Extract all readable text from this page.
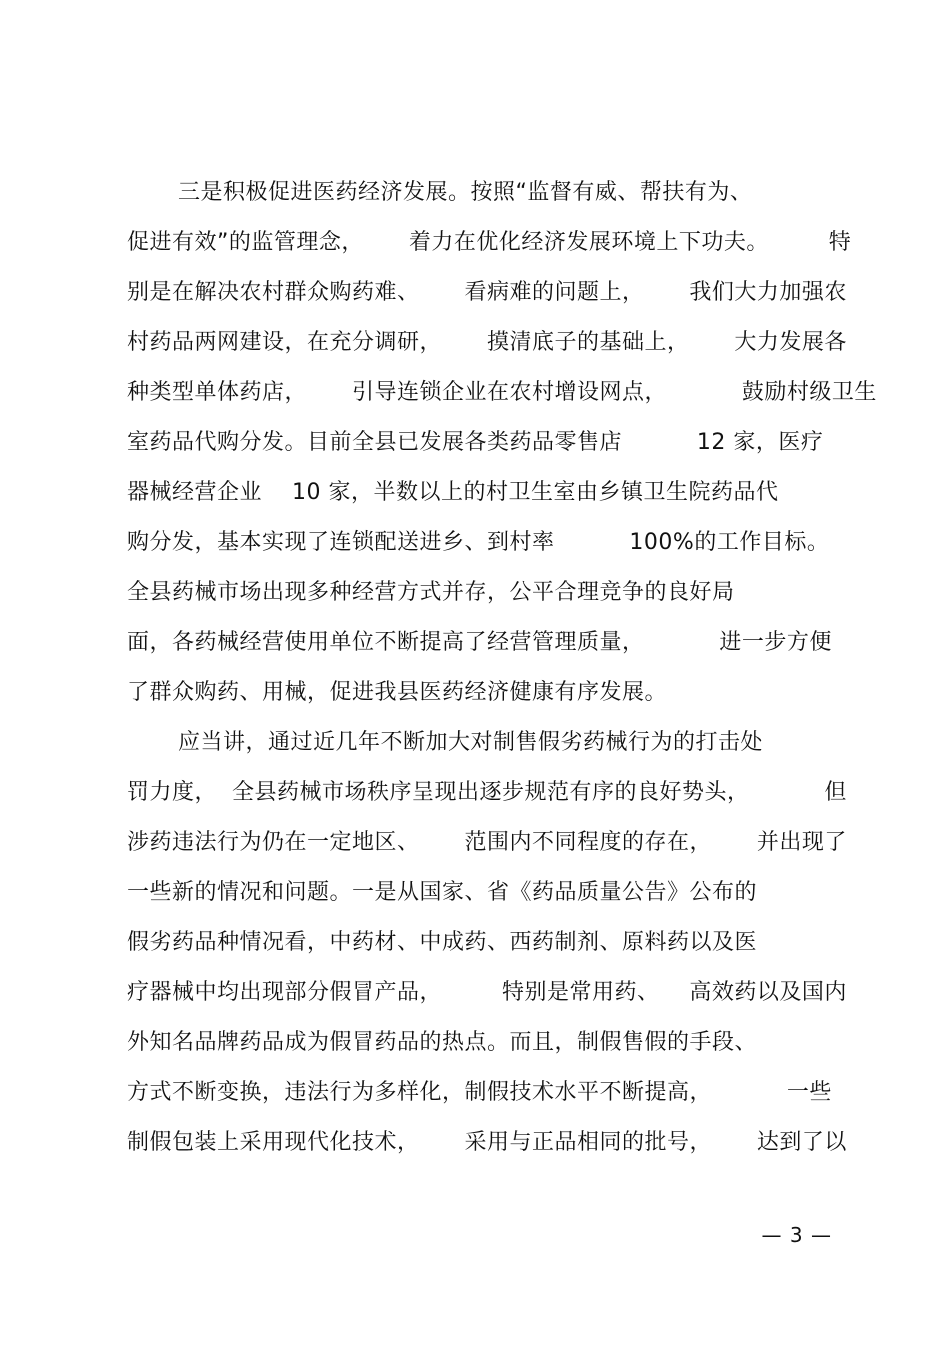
三是积极促进医药经济发展。按照“监督有威、帮扶有为、
促进有效”的监管理念，      着力在优化经济发展环境上下功夫。        特
别是在解决农村群众购药难、      看病难的问题上，      我们大力加强农
村药品两网建设，在充分调研，      摸清底子的基础上，      大力发展各
种类型单体药店，      引导连锁企业在农村增设网点，          鼓励村级卫生
室药品代购分发。目前全县已发展各类药品零售店          12 家，医疗
器械经营企业    10 家，半数以上的村卫生室由乡镇卫生院药品代
购分发，基本实现了连锁配送进乡、到村率          100%的工作目标。
全县药械市场出现多种经营方式并存，公平合理竞争的良好局
面，各药械经营使用单位不断提高了经营管理质量，          进一步方便
了群众购药、用械，促进我县医药经济健康有序发展。
应当讲，通过近几年不断加大对制售假劣药械行为的打击处
罚力度，  全县药械市场秩序呈现出逐步规范有序的良好势头，          但
涉药违法行为仍在一定地区、      范围内不同程度的存在，      并出现了
一些新的情况和问题。一是从国家、省《药品质量公告》公布的
假劣药品种情况看，中药材、中成药、西药制剂、原料药以及医
疗器械中均出现部分假冒产品，        特别是常用药、    高效药以及国内
外知名品牌药品成为假冒药品的热点。而且，制假售假的手段、
方式不断变换，违法行为多样化，制假技术水平不断提高，          一些
制假包装上采用现代化技术，      采用与正品相同的批号，      达到了以
— 3 —
